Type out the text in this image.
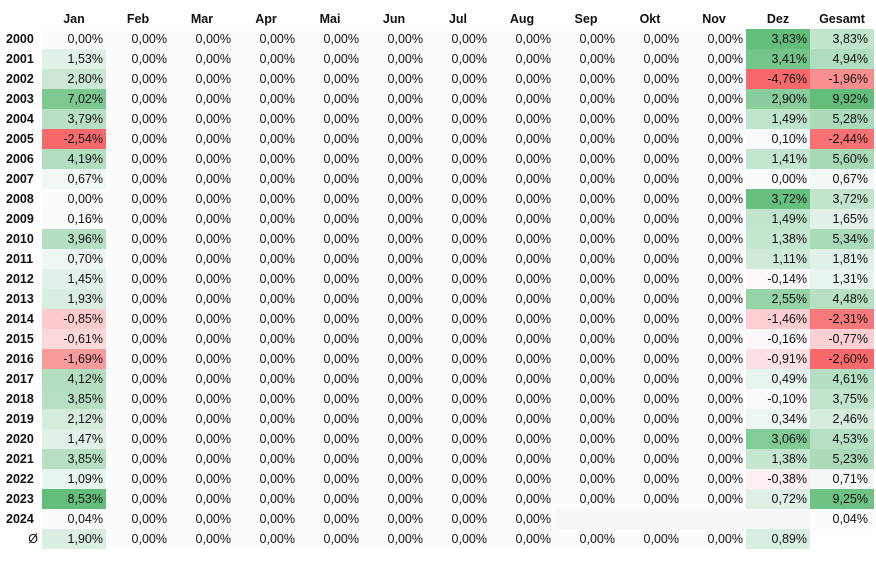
	Jan	Feb	Mar	Apr	Mai	Jun	Jul	Aug	Sep	Okt	Nov	Dez	Gesamt
2000	0,00%	0,00%	0,00%	0,00%	0,00%	0,00%	0,00%	0,00%	0,00%	0,00%	0,00%	3,83%	3,83%
2001	1,53%	0,00%	0,00%	0,00%	0,00%	0,00%	0,00%	0,00%	0,00%	0,00%	0,00%	3,41%	4,94%
2002	2,80%	0,00%	0,00%	0,00%	0,00%	0,00%	0,00%	0,00%	0,00%	0,00%	0,00%	-4,76%	-1,96%
2003	7,02%	0,00%	0,00%	0,00%	0,00%	0,00%	0,00%	0,00%	0,00%	0,00%	0,00%	2,90%	9,92%
2004	3,79%	0,00%	0,00%	0,00%	0,00%	0,00%	0,00%	0,00%	0,00%	0,00%	0,00%	1,49%	5,28%
2005	-2,54%	0,00%	0,00%	0,00%	0,00%	0,00%	0,00%	0,00%	0,00%	0,00%	0,00%	0,10%	-2,44%
2006	4,19%	0,00%	0,00%	0,00%	0,00%	0,00%	0,00%	0,00%	0,00%	0,00%	0,00%	1,41%	5,60%
2007	0,67%	0,00%	0,00%	0,00%	0,00%	0,00%	0,00%	0,00%	0,00%	0,00%	0,00%	0,00%	0,67%
2008	0,00%	0,00%	0,00%	0,00%	0,00%	0,00%	0,00%	0,00%	0,00%	0,00%	0,00%	3,72%	3,72%
2009	0,16%	0,00%	0,00%	0,00%	0,00%	0,00%	0,00%	0,00%	0,00%	0,00%	0,00%	1,49%	1,65%
2010	3,96%	0,00%	0,00%	0,00%	0,00%	0,00%	0,00%	0,00%	0,00%	0,00%	0,00%	1,38%	5,34%
2011	0,70%	0,00%	0,00%	0,00%	0,00%	0,00%	0,00%	0,00%	0,00%	0,00%	0,00%	1,11%	1,81%
2012	1,45%	0,00%	0,00%	0,00%	0,00%	0,00%	0,00%	0,00%	0,00%	0,00%	0,00%	-0,14%	1,31%
2013	1,93%	0,00%	0,00%	0,00%	0,00%	0,00%	0,00%	0,00%	0,00%	0,00%	0,00%	2,55%	4,48%
2014	-0,85%	0,00%	0,00%	0,00%	0,00%	0,00%	0,00%	0,00%	0,00%	0,00%	0,00%	-1,46%	-2,31%
2015	-0,61%	0,00%	0,00%	0,00%	0,00%	0,00%	0,00%	0,00%	0,00%	0,00%	0,00%	-0,16%	-0,77%
2016	-1,69%	0,00%	0,00%	0,00%	0,00%	0,00%	0,00%	0,00%	0,00%	0,00%	0,00%	-0,91%	-2,60%
2017	4,12%	0,00%	0,00%	0,00%	0,00%	0,00%	0,00%	0,00%	0,00%	0,00%	0,00%	0,49%	4,61%
2018	3,85%	0,00%	0,00%	0,00%	0,00%	0,00%	0,00%	0,00%	0,00%	0,00%	0,00%	-0,10%	3,75%
2019	2,12%	0,00%	0,00%	0,00%	0,00%	0,00%	0,00%	0,00%	0,00%	0,00%	0,00%	0,34%	2,46%
2020	1,47%	0,00%	0,00%	0,00%	0,00%	0,00%	0,00%	0,00%	0,00%	0,00%	0,00%	3,06%	4,53%
2021	3,85%	0,00%	0,00%	0,00%	0,00%	0,00%	0,00%	0,00%	0,00%	0,00%	0,00%	1,38%	5,23%
2022	1,09%	0,00%	0,00%	0,00%	0,00%	0,00%	0,00%	0,00%	0,00%	0,00%	0,00%	-0,38%	0,71%
2023	8,53%	0,00%	0,00%	0,00%	0,00%	0,00%	0,00%	0,00%	0,00%	0,00%	0,00%	0,72%	9,25%
2024	0,04%	0,00%	0,00%	0,00%	0,00%	0,00%	0,00%	0,00%					0,04%
Ø	1,90%	0,00%	0,00%	0,00%	0,00%	0,00%	0,00%	0,00%	0,00%	0,00%	0,00%	0,89%	
